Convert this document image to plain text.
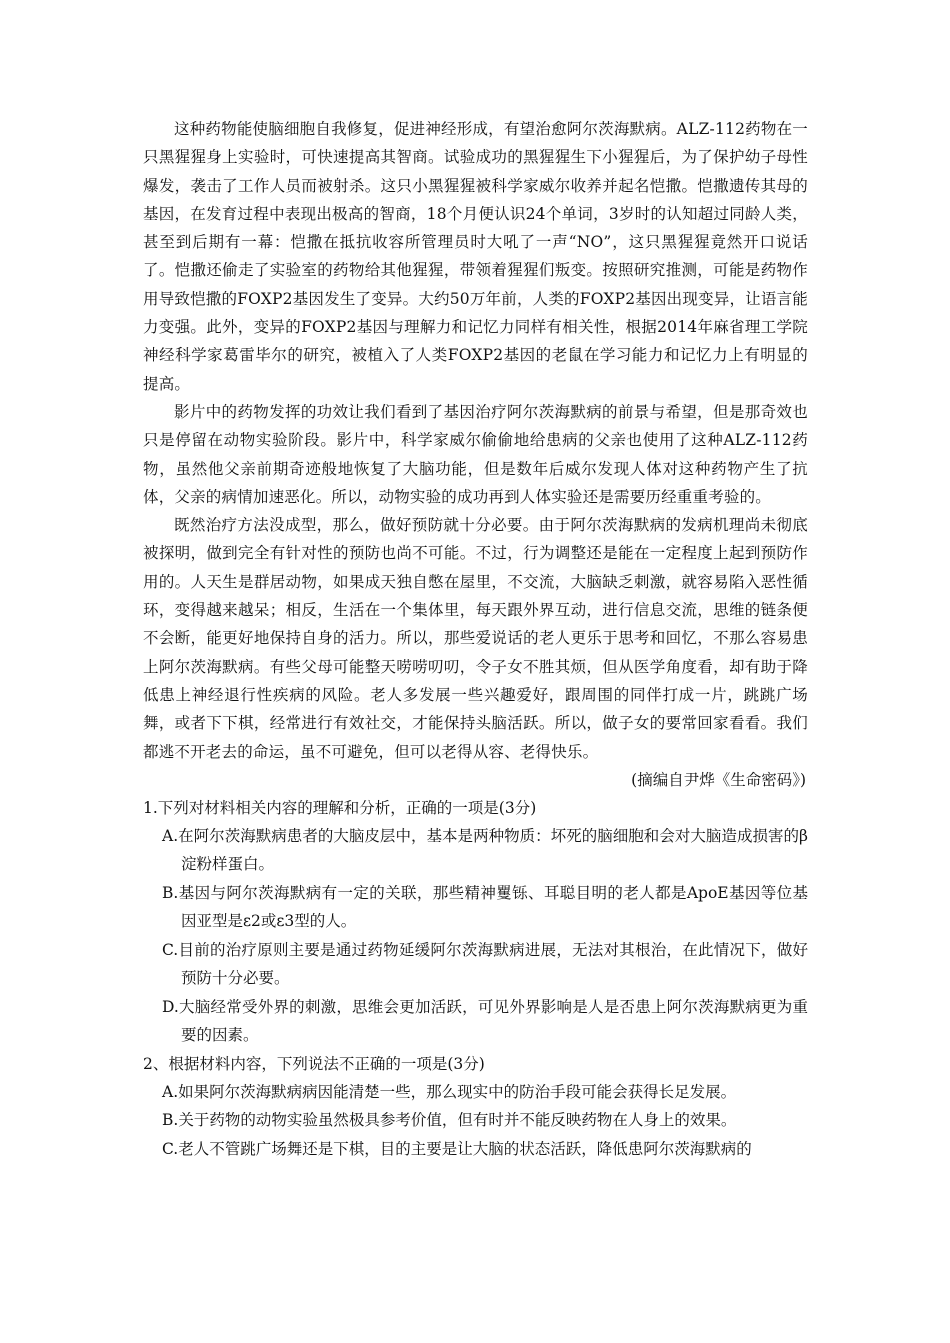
这种药物能使脑细胞自我修复，促进神经形成，有望治愈阿尔茨海默病。ALZ-112药物在一只黑猩猩身上实验时，可快速提高其智商。试验成功的黑猩猩生下小猩猩后，为了保护幼子母性爆发，袭击了工作人员而被射杀。这只小黑猩猩被科学家威尔收养并起名恺撒。恺撒遗传其母的基因，在发育过程中表现出极高的智商，18个月便认识24个单词，3岁时的认知超过同龄人类，甚至到后期有一幕：恺撒在抵抗收容所管理员时大吼了一声“NO”，这只黑猩猩竟然开口说话了。恺撒还偷走了实验室的药物给其他猩猩，带领着猩猩们叛变。按照研究推测，可能是药物作用导致恺撒的FOXP2基因发生了变异。大约50万年前，人类的FOXP2基因出现变异，让语言能力变强。此外，变异的FOXP2基因与理解力和记忆力同样有相关性，根据2014年麻省理工学院神经科学家葛雷毕尔的研究，被植入了人类FOXP2基因的老鼠在学习能力和记忆力上有明显的提高。

影片中的药物发挥的功效让我们看到了基因治疗阿尔茨海默病的前景与希望，但是那奇效也只是停留在动物实验阶段。影片中，科学家威尔偷偷地给患病的父亲也使用了这种ALZ-112药物，虽然他父亲前期奇迹般地恢复了大脑功能，但是数年后威尔发现人体对这种药物产生了抗体，父亲的病情加速恶化。所以，动物实验的成功再到人体实验还是需要历经重重考验的。

既然治疗方法没成型，那么，做好预防就十分必要。由于阿尔茨海默病的发病机理尚未彻底被探明，做到完全有针对性的预防也尚不可能。不过，行为调整还是能在一定程度上起到预防作用的。人天生是群居动物，如果成天独自憋在屋里，不交流，大脑缺乏刺激，就容易陷入恶性循环，变得越来越呆；相反，生活在一个集体里，每天跟外界互动，进行信息交流，思维的链条便不会断，能更好地保持自身的活力。所以，那些爱说话的老人更乐于思考和回忆，不那么容易患上阿尔茨海默病。有些父母可能整天唠唠叨叨，令子女不胜其烦，但从医学角度看，却有助于降低患上神经退行性疾病的风险。老人多发展一些兴趣爱好，跟周围的同伴打成一片，跳跳广场舞，或者下下棋，经常进行有效社交，才能保持头脑活跃。所以，做子女的要常回家看看。我们都逃不开老去的命运，虽不可避免，但可以老得从容、老得快乐。

(摘编自尹烨《生命密码》)

1.下列对材料相关内容的理解和分析，正确的一项是(3分)

A.在阿尔茨海默病患者的大脑皮层中，基本是两种物质：坏死的脑细胞和会对大脑造成损害的β淀粉样蛋白。

B.基因与阿尔茨海默病有一定的关联，那些精神矍铄、耳聪目明的老人都是ApoE基因等位基因亚型是ε2或ε3型的人。

C.目前的治疗原则主要是通过药物延缓阿尔茨海默病进展，无法对其根治，在此情况下，做好预防十分必要。

D.大脑经常受外界的刺激，思维会更加活跃，可见外界影响是人是否患上阿尔茨海默病更为重要的因素。

2、根据材料内容，下列说法不正确的一项是(3分)

A.如果阿尔茨海默病病因能清楚一些，那么现实中的防治手段可能会获得长足发展。

B.关于药物的动物实验虽然极具参考价值，但有时并不能反映药物在人身上的效果。

C.老人不管跳广场舞还是下棋，目的主要是让大脑的状态活跃，降低患阿尔茨海默病的
